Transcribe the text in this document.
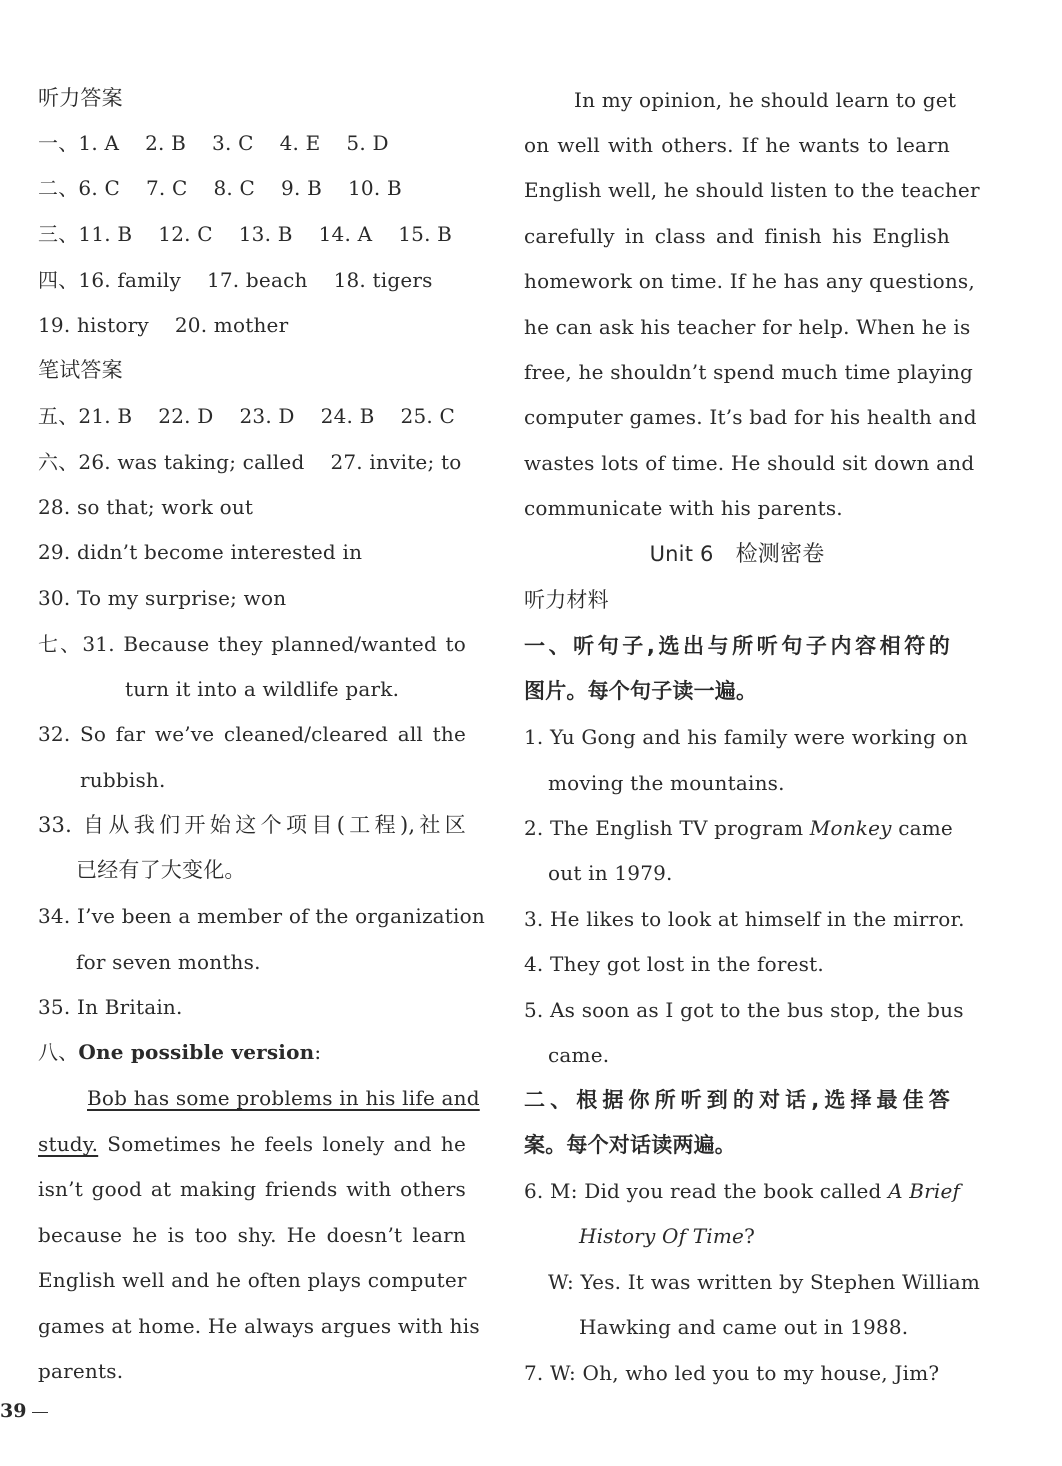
听力答案
一、1. A 2. B 3. C 4. E 5. D
二、6. C 7. C 8. C 9. B 10. B
三、11. B 12. C 13. B 14. A 15. B
四、16. family 17. beach 18. tigers
19. history 20. mother
笔试答案
五、21. B 22. D 23. D 24. B 25. C
六、26. was taking; called 27. invite; to
28. so that; work out
29. didn’t become interested in
30. To my surprise; won
七、31. Because they planned/wanted to
turn it into a wildlife park.
32. So far we’ve cleaned/cleared all the
rubbish.
33. 自从我们开始这个项目(工程),社区
已经有了大变化。
34. I’ve been a member of the organization
for seven months.
35. In Britain.
八、One possible version:
Bob has some problems in his life and
study. Sometimes he feels lonely and he
isn’t good at making friends with others
because he is too shy. He doesn’t learn
English well and he often plays computer
games at home. He always argues with his
parents.
In my opinion, he should learn to get
on well with others. If he wants to learn
English well, he should listen to the teacher
carefully in class and finish his English
homework on time. If he has any questions,
he can ask his teacher for help. When he is
free, he shouldn’t spend much time playing
computer games. It’s bad for his health and
wastes lots of time. He should sit down and
communicate with his parents.
Unit 6 检测密卷
听力材料
一、听句子,选出与所听句子内容相符的
图片。每个句子读一遍。
1. Yu Gong and his family were working on
moving the mountains.
2. The English TV program Monkey came
out in 1979.
3. He likes to look at himself in the mirror.
4. They got lost in the forest.
5. As soon as I got to the bus stop, the bus
came.
二、根据你所听到的对话,选择最佳答
案。每个对话读两遍。
6. M: Did you read the book called A Brief
History Of Time?
W: Yes. It was written by Stephen William
Hawking and came out in 1988.
7. W: Oh, who led you to my house, Jim?
39
